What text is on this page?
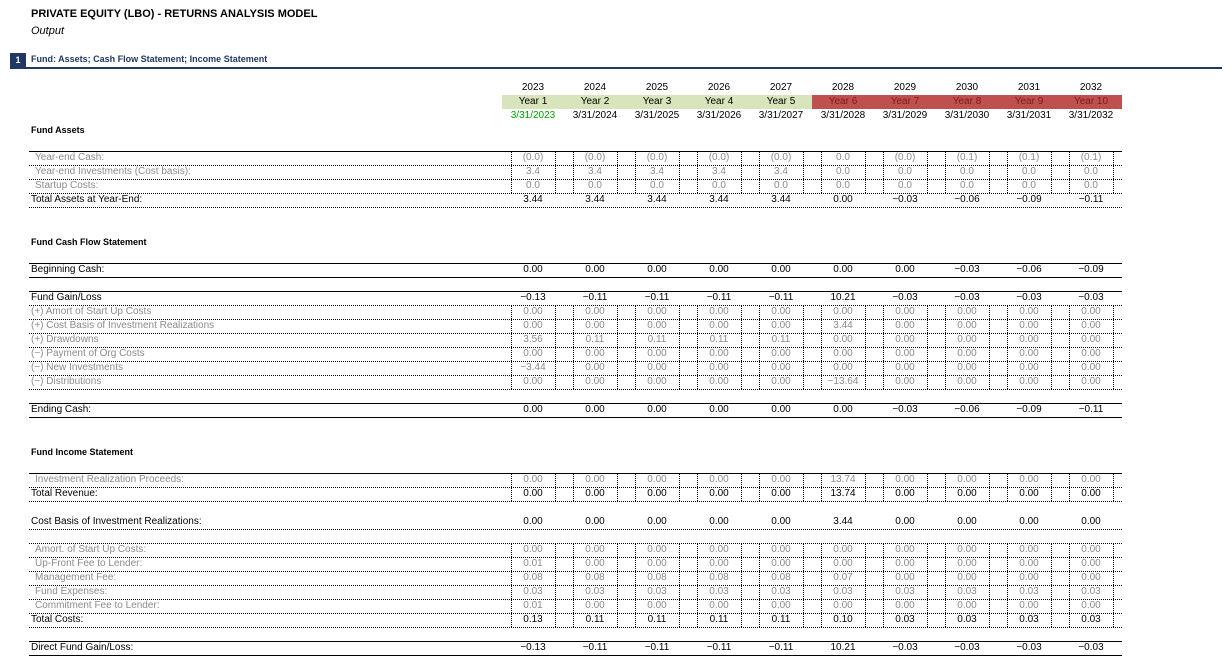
PRIVATE EQUITY (LBO) - RETURNS ANALYSIS MODEL
Output
1	Fund: Assets; Cash Flow Statement; Income Statement
2023	2024	2025	2026	2027	2028	2029	2030	2031	2032
Year 1	Year 2	Year 3	Year 4	Year 5	Year 6	Year 7	Year 8	Year 9	Year 10
3/31/2023	3/31/2024	3/31/2025	3/31/2026	3/31/2027	3/31/2028	3/31/2029	3/31/2030	3/31/2031	3/31/2032
Year-end Cash:	(0.0)	(0.0)	(0.0)	(0.0)	(0.0)	0.0	(0.0)	(0.1)	(0.1)	(0.1)
Year-end Investments (Cost basis):	3.4	3.4	3.4	3.4	3.4	0.0	0.0	0.0	0.0	0.0
Startup Costs:	0.0	0.0	0.0	0.0	0.0	0.0	0.0	0.0	0.0	0.0
Total Assets at Year-End:	3.44	3.44	3.44	3.44	3.44	0.00	−0.03	−0.06	−0.09	−0.11
Beginning Cash:	0.00	0.00	0.00	0.00	0.00	0.00	0.00	−0.03	−0.06	−0.09
Fund Gain/Loss	−0.13	−0.11	−0.11	−0.11	−0.11	10.21	−0.03	−0.03	−0.03	−0.03
(+) Amort of Start Up Costs	0.00	0.00	0.00	0.00	0.00	0.00	0.00	0.00	0.00	0.00
(+) Cost Basis of Investment Realizations	0.00	0.00	0.00	0.00	0.00	3.44	0.00	0.00	0.00	0.00
(+) Drawdowns	3.56	0.11	0.11	0.11	0.11	0.00	0.00	0.00	0.00	0.00
(−) Payment of Org Costs	0.00	0.00	0.00	0.00	0.00	0.00	0.00	0.00	0.00	0.00
(−) New Investments	−3.44	0.00	0.00	0.00	0.00	0.00	0.00	0.00	0.00	0.00
(−) Distributions	0.00	0.00	0.00	0.00	0.00	−13.64	0.00	0.00	0.00	0.00
Ending Cash:	0.00	0.00	0.00	0.00	0.00	0.00	−0.03	−0.06	−0.09	−0.11
Investment Realization Proceeds:	0.00	0.00	0.00	0.00	0.00	13.74	0.00	0.00	0.00	0.00
Total Revenue:	0.00	0.00	0.00	0.00	0.00	13.74	0.00	0.00	0.00	0.00
Cost Basis of Investment Realizations:	0.00	0.00	0.00	0.00	0.00	3.44	0.00	0.00	0.00	0.00
Amort. of Start Up Costs:	0.00	0.00	0.00	0.00	0.00	0.00	0.00	0.00	0.00	0.00
Up-Front Fee to Lender:	0.01	0.00	0.00	0.00	0.00	0.00	0.00	0.00	0.00	0.00
Management Fee:	0.08	0.08	0.08	0.08	0.08	0.07	0.00	0.00	0.00	0.00
Fund Expenses:	0.03	0.03	0.03	0.03	0.03	0.03	0.03	0.03	0.03	0.03
Commitment Fee to Lender:	0.01	0.00	0.00	0.00	0.00	0.00	0.00	0.00	0.00	0.00
Total Costs:	0.13	0.11	0.11	0.11	0.11	0.10	0.03	0.03	0.03	0.03
Direct Fund Gain/Loss:	−0.13	−0.11	−0.11	−0.11	−0.11	10.21	−0.03	−0.03	−0.03	−0.03
Fund Assets
Fund Cash Flow Statement
Fund Income Statement
